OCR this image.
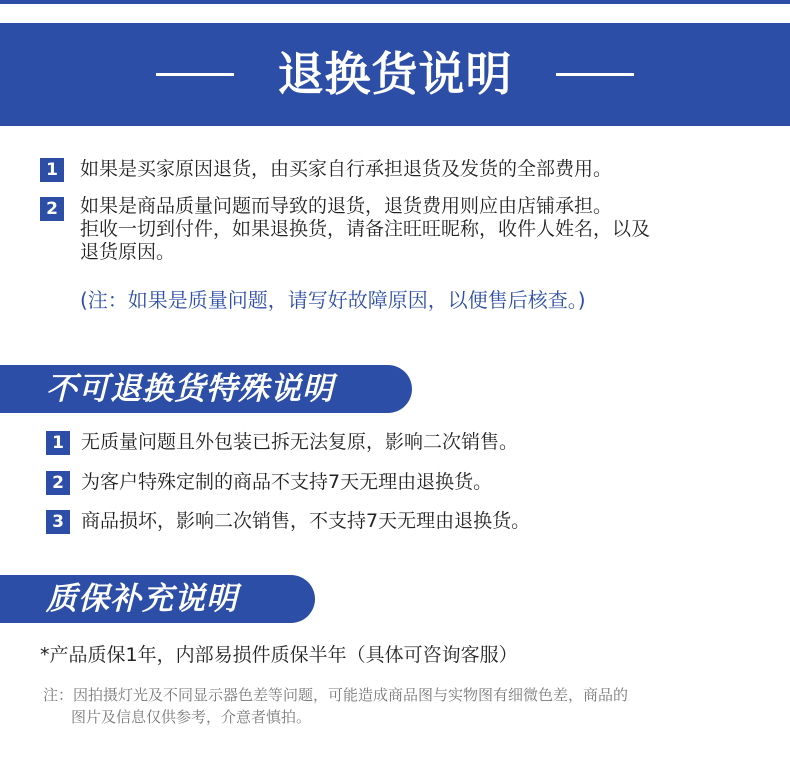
退换货说明
1	如果是买家原因退货，由买家自行承担退货及发货的全部费用。
2	如果是商品质量问题而导致的退货，退货费用则应由店铺承担。
拒收一切到付件，如果退换货，请备注旺旺昵称，收件人姓名，以及
退货原因。
(注：如果是质量问题，请写好故障原因，以便售后核查。)
不可退换货特殊说明
1 无质量问题且外包装已拆无法复原，影响二次销售。
2 为客户特殊定制的商品不支持7天无理由退换货。
3 商品损坏，影响二次销售，不支持7天无理由退换货。
质保补充说明
*产品质保1年，内部易损件质保半年（具体可咨询客服）
注：因拍摄灯光及不同显示器色差等问题，可能造成商品图与实物图有细微色差，商品的
图片及信息仅供参考，介意者慎拍。
